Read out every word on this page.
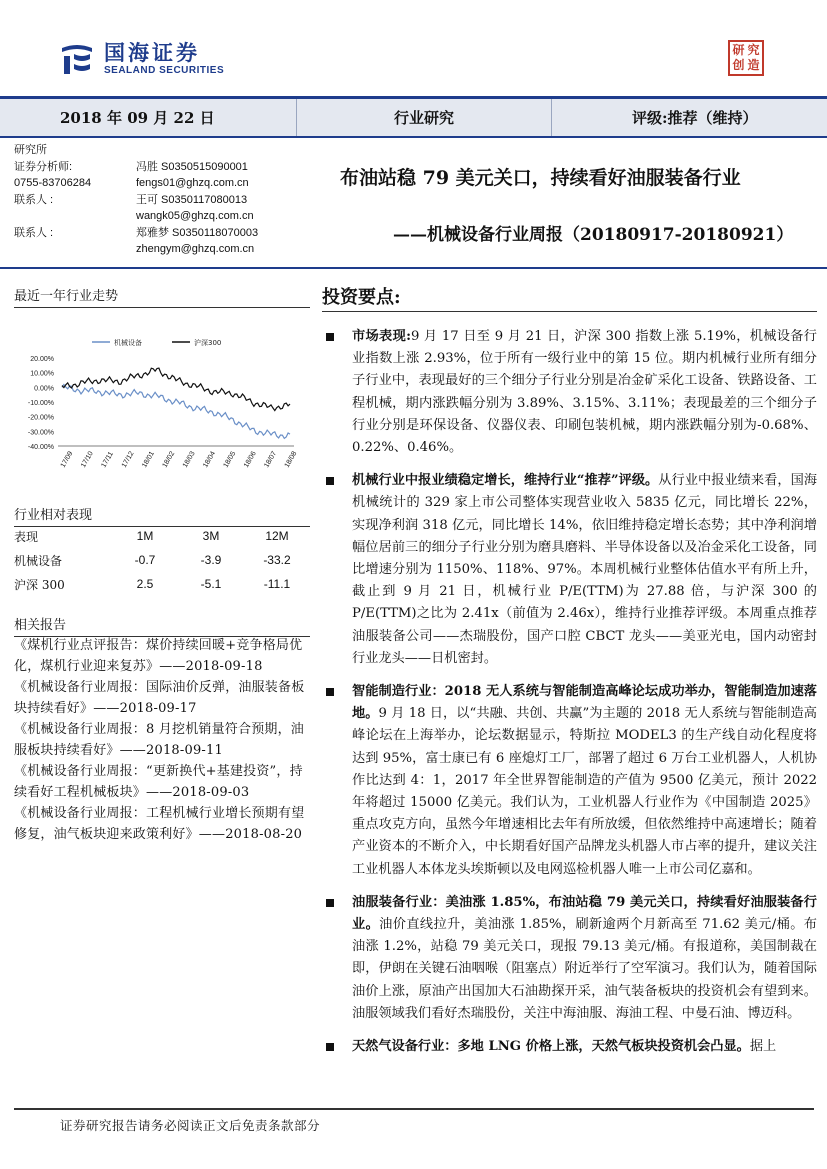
国海证券
SEALAND SECURITIES
研 究
创 造
2018 年 09 月 22 日	行业研究	评级:推荐（维持）
研究所
证券分析师:	冯胜 S0350515090001
0755-83706284	fengs01@ghzq.com.cn
联系人 :	王可 S0350117080013
wangk05@ghzq.com.cn
联系人 :	郑雅梦 S0350118070003
zhengym@ghzq.com.cn
布油站稳 79 美元关口，持续看好油服装备行业
——机械设备行业周报（20180917-20180921）
最近一年行业走势
20.00%
10.00%
0.00%
-10.00%
-20.00%
-30.00%
-40.00%
17/09 17/10 17/11 17/12 18/01 18/02 18/03 18/04 18/05 18/06 18/07 18/08
机械设备	沪深300
行业相对表现
表现	1M	3M	12M
机械设备	-0.7	-3.9	-33.2
沪深 300	2.5	-5.1	-11.1
相关报告
《煤机行业点评报告：煤价持续回暖+竞争格局优化，煤机行业迎来复苏》——2018-09-18
《机械设备行业周报：国际油价反弹，油服装备板块持续看好》——2018-09-17
《机械设备行业周报：8 月挖机销量符合预期，油服板块持续看好》——2018-09-11
《机械设备行业周报：“更新换代+基建投资”，持续看好工程机械板块》——2018-09-03
《机械设备行业周报：工程机械行业增长预期有望修复，油气板块迎来政策利好》——2018-08-20
投资要点:
市场表现:9 月 17 日至 9 月 21 日，沪深 300 指数上涨 5.19%，机械设备行业指数上涨 2.93%，位于所有一级行业中的第 15 位。期内机械行业所有细分子行业中，表现最好的三个细分子行业分别是冶金矿采化工设备、铁路设备、工程机械，期内涨跌幅分别为 3.89%、3.15%、3.11%；表现最差的三个细分子行业分别是环保设备、仪器仪表、印刷包装机械，期内涨跌幅分别为-0.68%、0.22%、0.46%。
机械行业中报业绩稳定增长，维持行业“推荐”评级。从行业中报业绩来看，国海机械统计的 329 家上市公司整体实现营业收入 5835 亿元，同比增长 22%，实现净利润 318 亿元，同比增长 14%，依旧维持稳定增长态势；其中净利润增幅位居前三的细分子行业分别为磨具磨料、半导体设备以及冶金采化工设备，同比增速分别为 1150%、118%、97%。本周机械行业整体估值水平有所上升，截止到 9 月 21 日，机械行业 P/E(TTM)为 27.88 倍，与沪深 300 的 P/E(TTM)之比为 2.41x（前值为 2.46x），维持行业推荐评级。本周重点推荐油服装备公司——杰瑞股份，国产口腔 CBCT 龙头——美亚光电，国内动密封行业龙头——日机密封。
智能制造行业：2018 无人系统与智能制造高峰论坛成功举办，智能制造加速落地。9 月 18 日，以“共融、共创、共赢”为主题的 2018 无人系统与智能制造高峰论坛在上海举办，论坛数据显示，特斯拉 MODEL3 的生产线自动化程度将达到 95%，富士康已有 6 座熄灯工厂，部署了超过 6 万台工业机器人，人机协作比达到 4：1，2017 年全世界智能制造的产值为 9500 亿美元，预计 2022 年将超过 15000 亿美元。我们认为，工业机器人行业作为《中国制造 2025》重点攻克方向，虽然今年增速相比去年有所放缓，但依然维持中高速增长；随着产业资本的不断介入，中长期看好国产品牌龙头机器人市占率的提升，建议关注工业机器人本体龙头埃斯顿以及电网巡检机器人唯一上市公司亿嘉和。
油服装备行业：美油涨 1.85%，布油站稳 79 美元关口，持续看好油服装备行业。油价直线拉升，美油涨 1.85%，刷新逾两个月新高至 71.62 美元/桶。布油涨 1.2%，站稳 79 美元关口，现报 79.13 美元/桶。有报道称，美国制裁在即，伊朗在关键石油咽喉（阻塞点）附近举行了空军演习。我们认为，随着国际油价上涨，原油产出国加大石油勘探开采，油气装备板块的投资机会有望到来。油服领域我们看好杰瑞股份，关注中海油服、海油工程、中曼石油、博迈科。
天然气设备行业：多地 LNG 价格上涨，天然气板块投资机会凸显。据上
证券研究报告请务必阅读正文后免责条款部分
